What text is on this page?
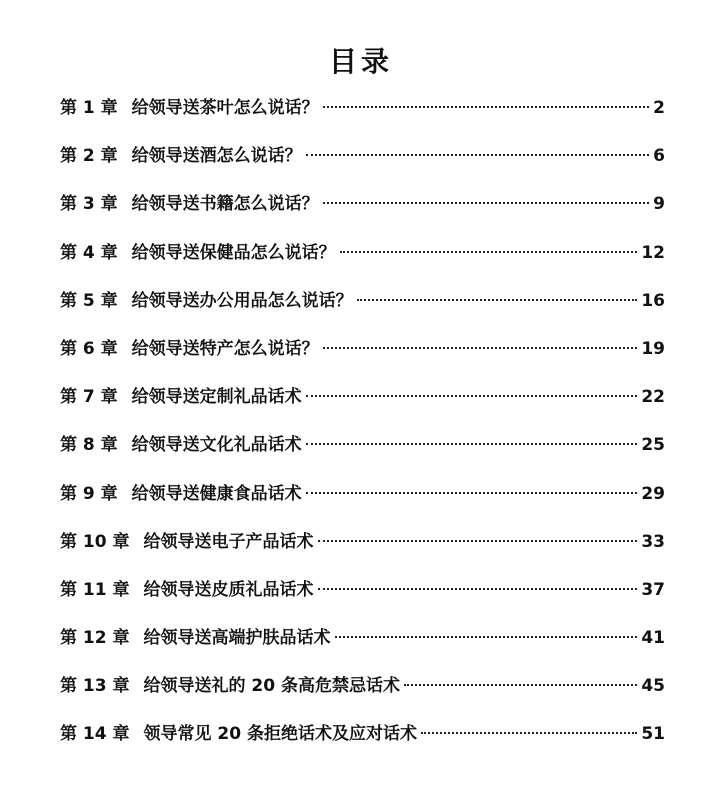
目录
第 1 章 给领导送茶叶怎么说话？	2
第 2 章 给领导送酒怎么说话？	6
第 3 章 给领导送书籍怎么说话？	9
第 4 章 给领导送保健品怎么说话？	12
第 5 章 给领导送办公用品怎么说话？	16
第 6 章 给领导送特产怎么说话？	19
第 7 章 给领导送定制礼品话术	22
第 8 章 给领导送文化礼品话术	25
第 9 章 给领导送健康食品话术	29
第 10 章 给领导送电子产品话术	33
第 11 章 给领导送皮质礼品话术	37
第 12 章 给领导送高端护肤品话术	41
第 13 章 给领导送礼的 20 条高危禁忌话术	45
第 14 章 领导常见 20 条拒绝话术及应对话术	51
